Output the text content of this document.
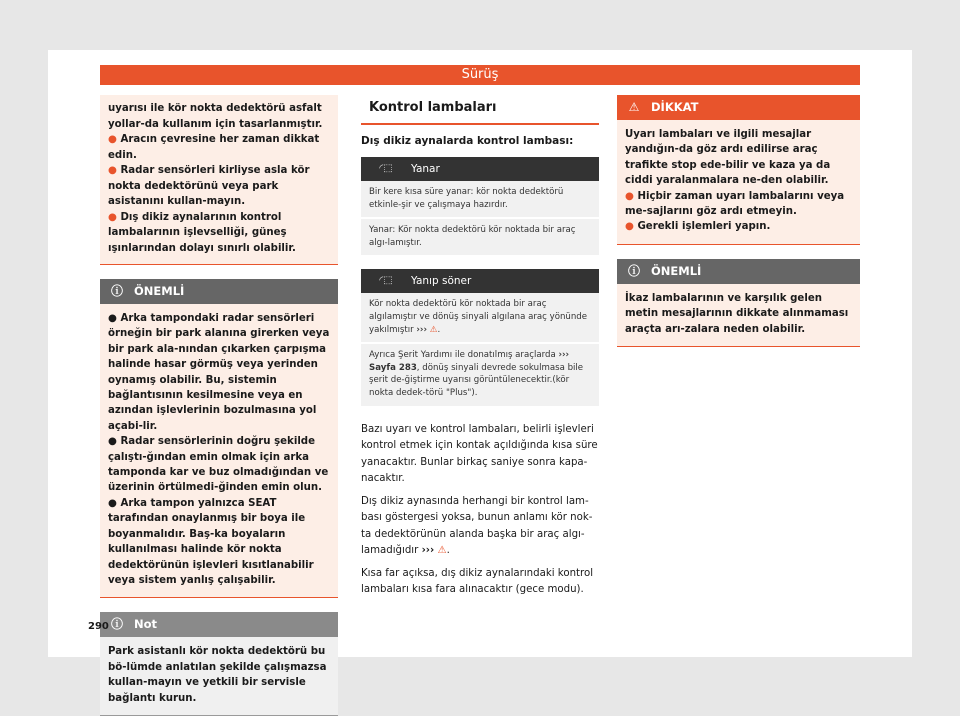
Sürüş

uyarısı ile kör nokta dedektörü asfalt yollar-da kullanım için tasarlanmıştır.

● Aracın çevresine her zaman dikkat edin.

● Radar sensörleri kirliyse asla kör nokta dedektörünü veya park asistanını kullan-mayın.

● Dış dikiz aynalarının kontrol lambalarının işlevselliği, güneş ışınlarından dolayı sınırlı olabilir.

ⓘ ÖNEMLİ

● Arka tampondaki radar sensörleri örneğin bir park alanına girerken veya bir park ala-nından çıkarken çarpışma halinde hasar görmüş veya yerinden oynamış olabilir. Bu, sistemin bağlantısının kesilmesine veya en azından işlevlerinin bozulmasına yol açabi-lir.

● Radar sensörlerinin doğru şekilde çalıştı-ğından emin olmak için arka tamponda kar ve buz olmadığından ve üzerinin örtülmedi-ğinden emin olun.

● Arka tampon yalnızca SEAT tarafından onaylanmış bir boya ile boyanmalıdır. Baş-ka boyaların kullanılması halinde kör nokta dedektörünün işlevleri kısıtlanabilir veya sistem yanlış çalışabilir.

ⓘ Not

Park asistanlı kör nokta dedektörü bu bö-lümde anlatılan şekilde çalışmazsa kullan-mayın ve yetkili bir servisle bağlantı kurun.

Kontrol lambaları
Dış dikiz aynalarda kontrol lambası:
◜⬚	Yanar
Bir kere kısa süre yanar: kör nokta dedektörü etkinle-şir ve çalışmaya hazırdır.
Yanar: Kör nokta dedektörü kör noktada bir araç algı-lamıştır.
◜⬚	Yanıp söner
Kör nokta dedektörü kör noktada bir araç algılamıştır ve dönüş sinyali algılana araç yönünde yakılmıştır ››› ⚠.
Ayrıca Şerit Yardımı ile donatılmış araçlarda ››› Sayfa 283, dönüş sinyali devrede sokulmasa bile şerit de-ğiştirme uyarısı görüntülenecektir.(kör nokta dedek-törü "Plus").

Bazı uyarı ve kontrol lambaları, belirli işlevleri kontrol etmek için kontak açıldığında kısa süre yanacaktır. Bunlar birkaç saniye sonra kapa-nacaktır.

Dış dikiz aynasında herhangi bir kontrol lam-bası göstergesi yoksa, bunun anlamı kör nok-ta dedektörünün alanda başka bir araç algı-lamadığıdır ››› ⚠.

Kısa far açıksa, dış dikiz aynalarındaki kontrol lambaları kısa fara alınacaktır (gece modu).

⚠	DİKKAT

Uyarı lambaları ve ilgili mesajlar yandığın-da göz ardı edilirse araç trafikte stop ede-bilir ve kaza ya da ciddi yaralanmalara ne-den olabilir.

● Hiçbir zaman uyarı lambalarını veya me-sajlarını göz ardı etmeyin.

● Gerekli işlemleri yapın.

ⓘ ÖNEMLİ

İkaz lambalarının ve karşılık gelen metin mesajlarının dikkate alınmaması araçta arı-zalara neden olabilir.

290
